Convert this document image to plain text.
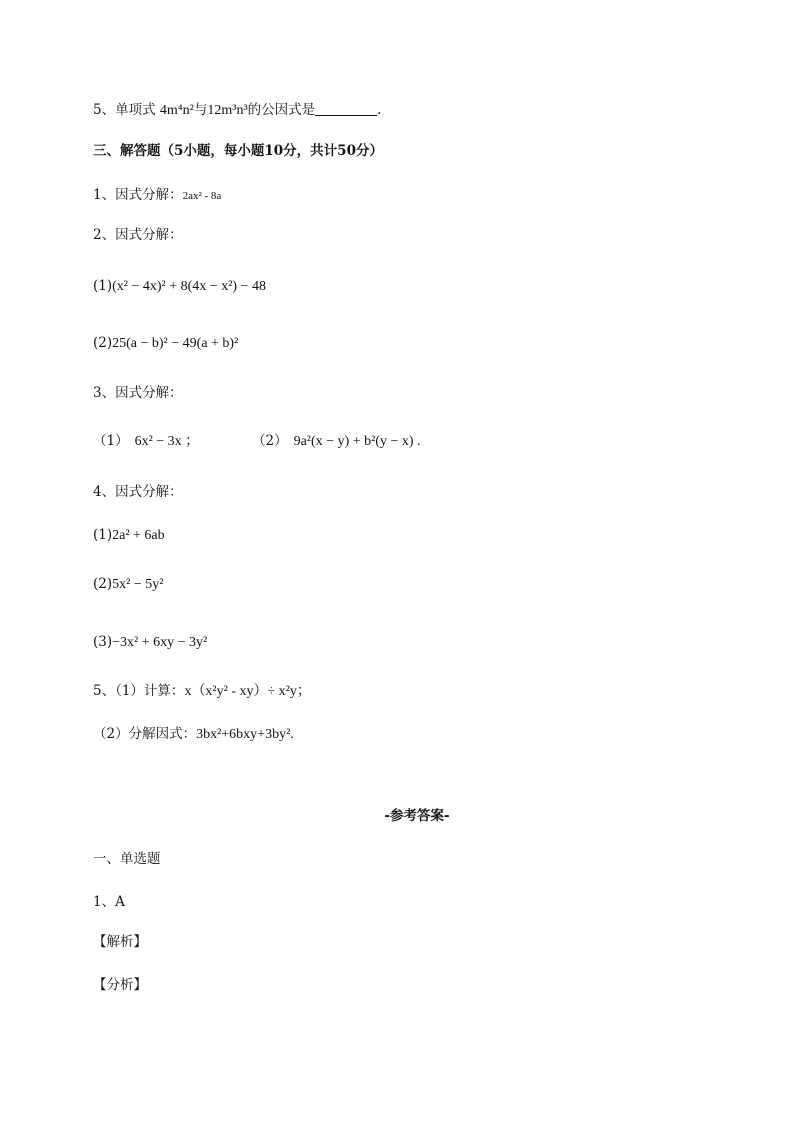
5、单项式 4m⁴n²与12m³n³的公因式是	.
三、解答题（5小题，每小题10分，共计50分）
1、因式分解：2ax² - 8a
2、因式分解：
(1)(x² − 4x)² + 8(4x − x²) − 48
(2)25(a − b)² − 49(a + b)²
3、因式分解：
（1） 6x² − 3x ；	（2） 9a²(x − y) + b²(y − x) .
4、因式分解：
(1)2a² + 6ab
(2)5x² − 5y²
(3)−3x² + 6xy − 3y²
5、（1）计算：x（x²y² - xy）÷ x²y；
（2）分解因式：3bx²+6bxy+3by².
-参考答案-
一、单选题
1、A
【解析】
【分析】
